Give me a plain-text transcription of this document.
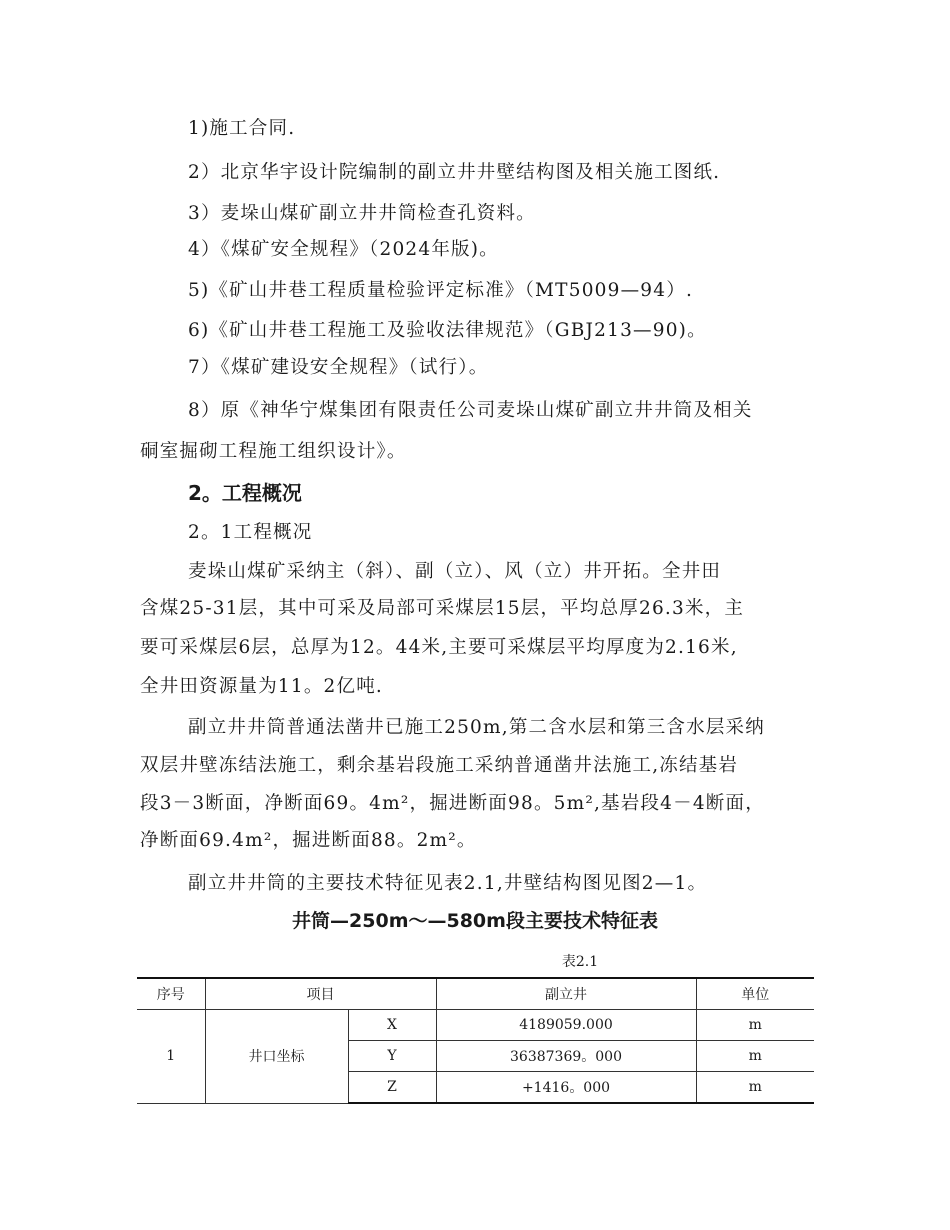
1)施工合同.
2）北京华宇设计院编制的副立井井壁结构图及相关施工图纸.
3）麦垛山煤矿副立井井筒检查孔资料。
4）《煤矿安全规程》（2024年版)。
5)《矿山井巷工程质量检验评定标准》（MT5009—94）.
6)《矿山井巷工程施工及验收法律规范》（GBJ213—90)。
7）《煤矿建设安全规程》（试行）。
8）原《神华宁煤集团有限责任公司麦垛山煤矿副立井井筒及相关
硐室掘砌工程施工组织设计》。
2。工程概况
2。1工程概况
麦垛山煤矿采纳主（斜）、副（立）、风（立）井开拓。全井田
含煤25-31层，其中可采及局部可采煤层15层，平均总厚26.3米，主
要可采煤层6层，总厚为12。44米,主要可采煤层平均厚度为2.16米,
全井田资源量为11。2亿吨.
副立井井筒普通法凿井已施工250m,第二含水层和第三含水层采纳
双层井壁冻结法施工，剩余基岩段施工采纳普通凿井法施工,冻结基岩
段3－3断面，净断面69。4m²，掘进断面98。5m²,基岩段4－4断面，
净断面69.4m²，掘进断面88。2m²。
副立井井筒的主要技术特征见表2.1,井壁结构图见图2—1。
井筒—250m～—580m段主要技术特征表
表2.1
序号	项目		副立井	单位
1	井口坐标	X	4189059.000	m
		Y	36387369。000	m
		Z	+1416。000	m
